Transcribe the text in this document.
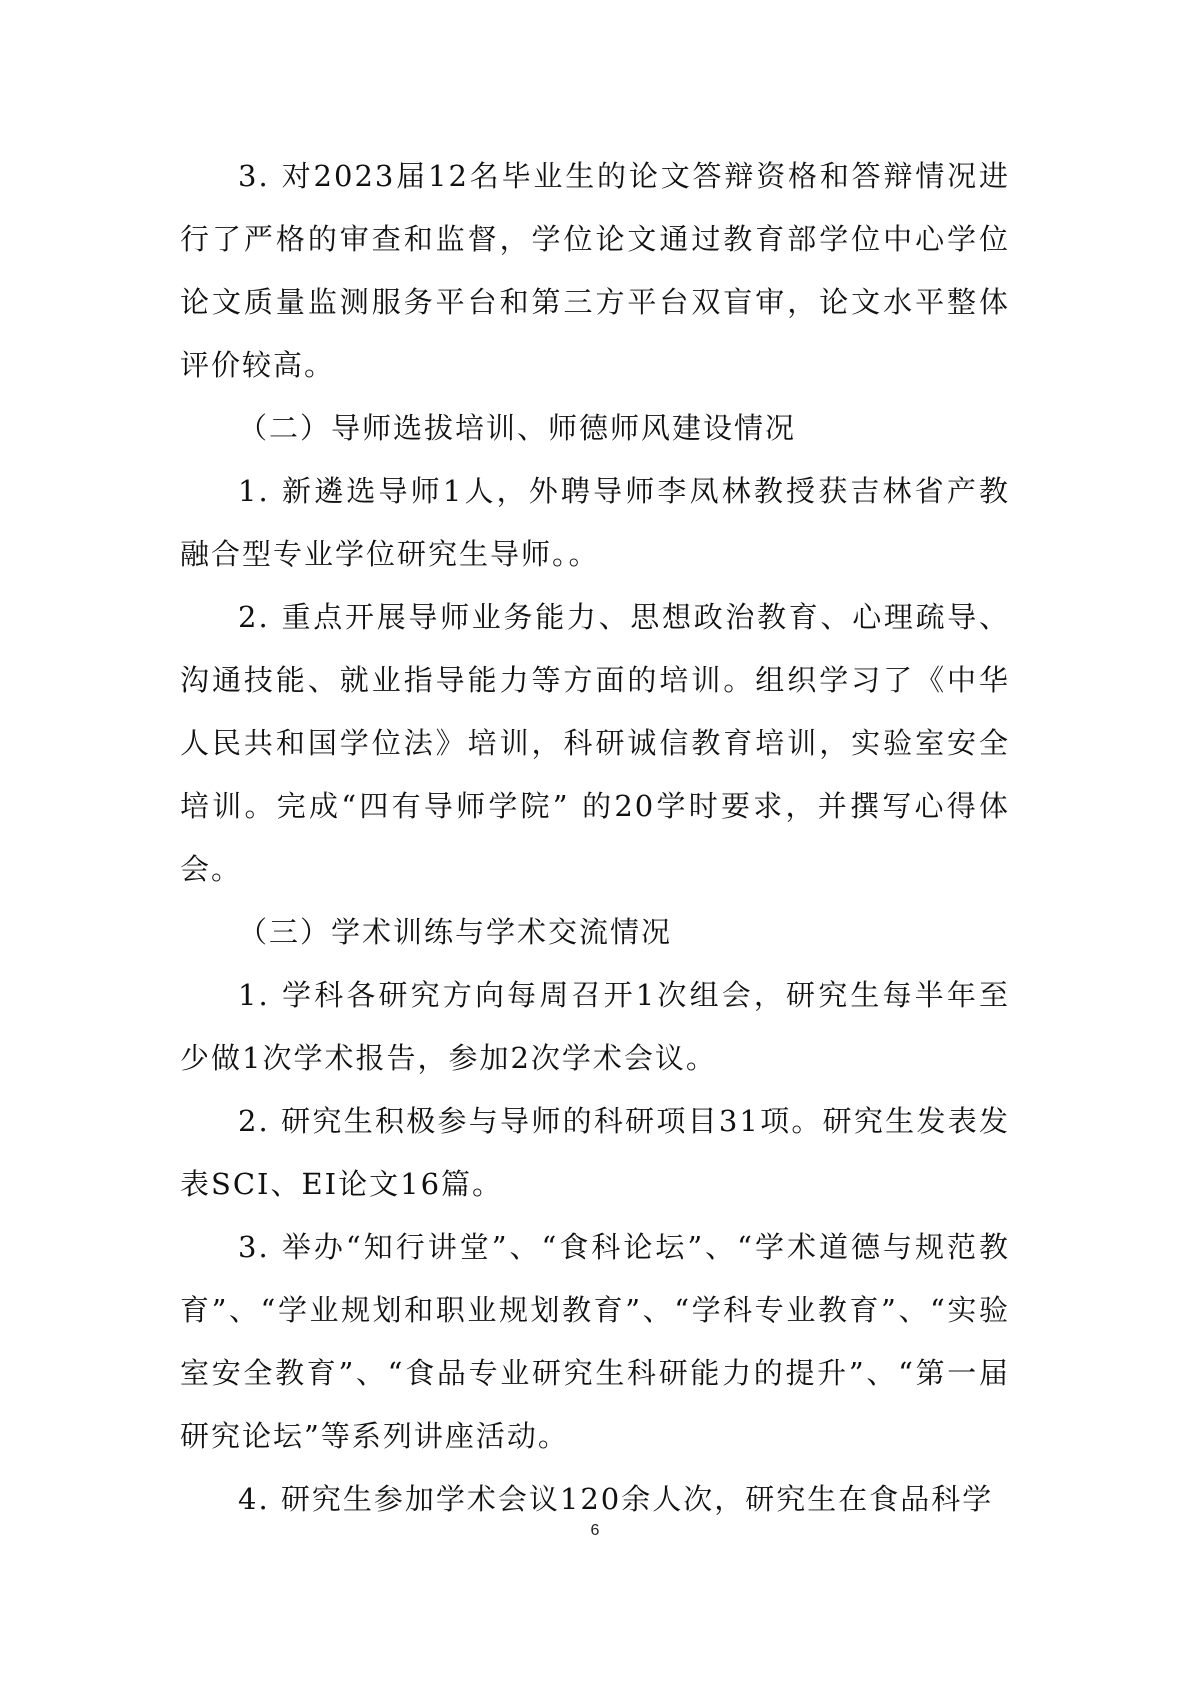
3. 对2023届12名毕业生的论文答辩资格和答辩情况进行了严格的审查和监督，学位论文通过教育部学位中心学位论文质量监测服务平台和第三方平台双盲审，论文水平整体评价较高。

（二）导师选拔培训、师德师风建设情况

1. 新遴选导师1人，外聘导师李凤林教授获吉林省产教融合型专业学位研究生导师。。

2. 重点开展导师业务能力、思想政治教育、心理疏导、沟通技能、就业指导能力等方面的培训。组织学习了《中华人民共和国学位法》培训，科研诚信教育培训，实验室安全培训。完成“四有导师学院” 的20学时要求，并撰写心得体会。

（三）学术训练与学术交流情况

1. 学科各研究方向每周召开1次组会，研究生每半年至少做1次学术报告，参加2次学术会议。

2. 研究生积极参与导师的科研项目31项。研究生发表发表SCI、EI论文16篇。

3. 举办“知行讲堂”、“食科论坛”、“学术道德与规范教育”、“学业规划和职业规划教育”、“学科专业教育”、“实验室安全教育”、“食品专业研究生科研能力的提升”、“第一届研究论坛”等系列讲座活动。

4. 研究生参加学术会议120余人次，研究生在食品科学

6
